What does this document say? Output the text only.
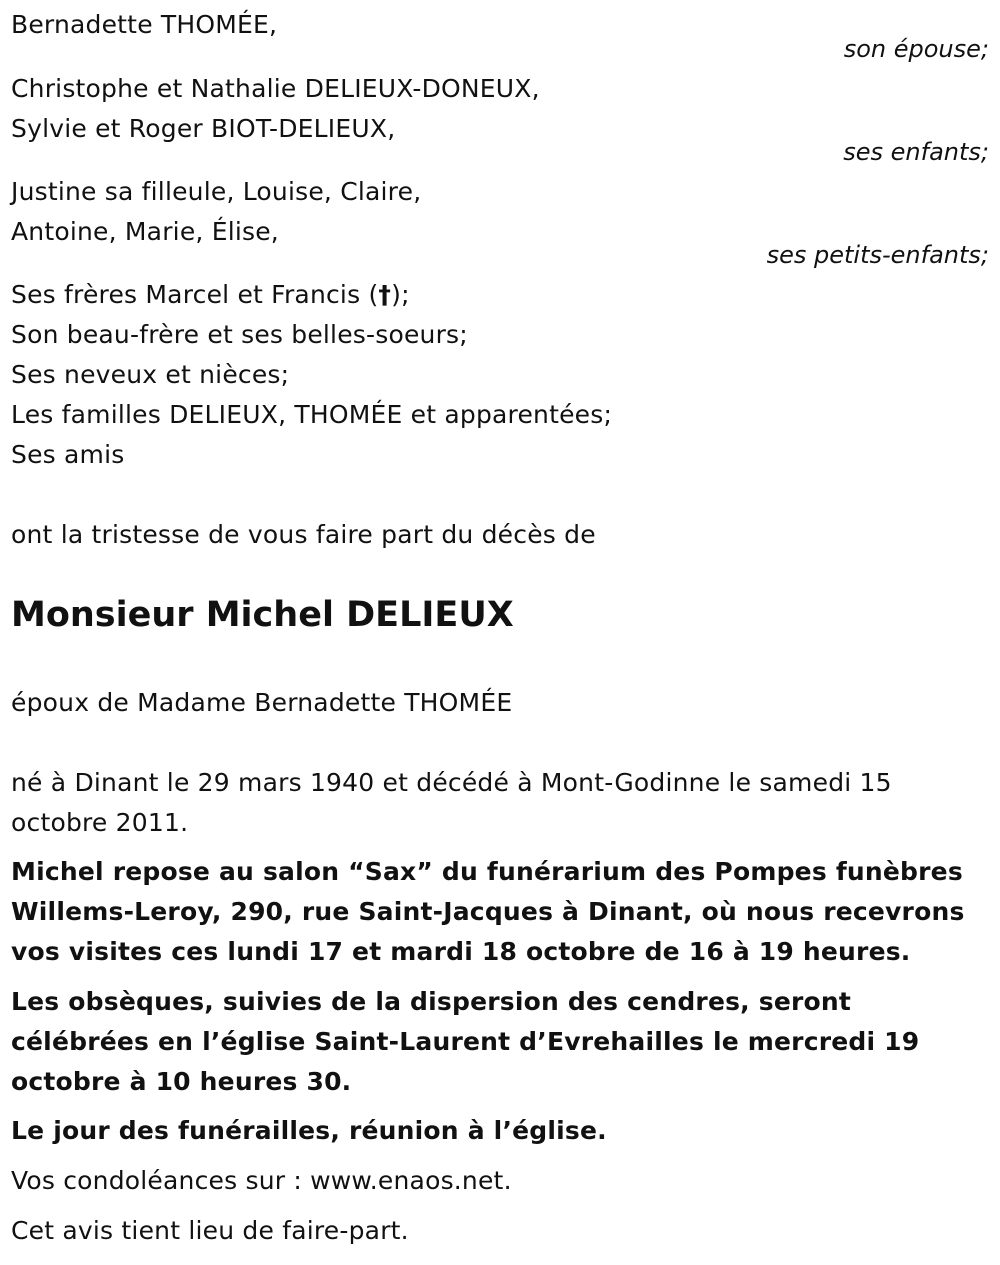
Bernadette THOMÉE,
son épouse;
Christophe et Nathalie DELIEUX-DONEUX,
Sylvie et Roger BIOT-DELIEUX,
ses enfants;
Justine sa filleule, Louise, Claire,
Antoine, Marie, Élise,
ses petits-enfants;
Ses frères Marcel et Francis (†);
Son beau-frère et ses belles-soeurs;
Ses neveux et nièces;
Les familles DELIEUX, THOMÉE et apparentées;
Ses amis
ont la tristesse de vous faire part du décès de
Monsieur Michel DELIEUX
époux de Madame Bernadette THOMÉE
né à Dinant le 29 mars 1940 et décédé à Mont-Godinne le samedi 15 octobre 2011.
Michel repose au salon “Sax” du funérarium des Pompes funèbres Willems-Leroy, 290, rue Saint-Jacques à Dinant, où nous recevrons vos visites ces lundi 17 et mardi 18 octobre de 16 à 19 heures.
Les obsèques, suivies de la dispersion des cendres, seront célébrées en l’église Saint-Laurent d’Evrehailles le mercredi 19 octobre à 10 heures 30.
Le jour des funérailles, réunion à l’église.
Vos condoléances sur : www.enaos.net.
Cet avis tient lieu de faire-part.
